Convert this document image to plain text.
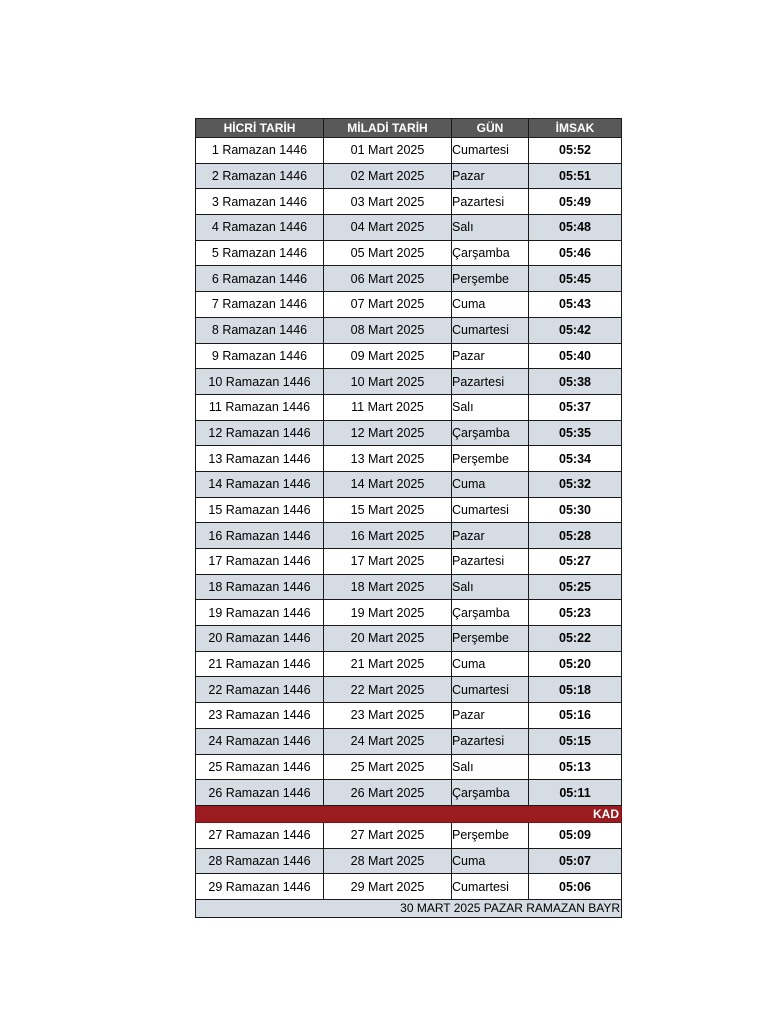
HİCRİ TARİH	MİLADİ TARİH	GÜN	İMSAK
1 Ramazan 1446	01 Mart 2025	Cumartesi	05:52
2 Ramazan 1446	02 Mart 2025	Pazar	05:51
3 Ramazan 1446	03 Mart 2025	Pazartesi	05:49
4 Ramazan 1446	04 Mart 2025	Salı	05:48
5 Ramazan 1446	05 Mart 2025	Çarşamba	05:46
6 Ramazan 1446	06 Mart 2025	Perşembe	05:45
7 Ramazan 1446	07 Mart 2025	Cuma	05:43
8 Ramazan 1446	08 Mart 2025	Cumartesi	05:42
9 Ramazan 1446	09 Mart 2025	Pazar	05:40
10 Ramazan 1446	10 Mart 2025	Pazartesi	05:38
11 Ramazan 1446	11 Mart 2025	Salı	05:37
12 Ramazan 1446	12 Mart 2025	Çarşamba	05:35
13 Ramazan 1446	13 Mart 2025	Perşembe	05:34
14 Ramazan 1446	14 Mart 2025	Cuma	05:32
15 Ramazan 1446	15 Mart 2025	Cumartesi	05:30
16 Ramazan 1446	16 Mart 2025	Pazar	05:28
17 Ramazan 1446	17 Mart 2025	Pazartesi	05:27
18 Ramazan 1446	18 Mart 2025	Salı	05:25
19 Ramazan 1446	19 Mart 2025	Çarşamba	05:23
20 Ramazan 1446	20 Mart 2025	Perşembe	05:22
21 Ramazan 1446	21 Mart 2025	Cuma	05:20
22 Ramazan 1446	22 Mart 2025	Cumartesi	05:18
23 Ramazan 1446	23 Mart 2025	Pazar	05:16
24 Ramazan 1446	24 Mart 2025	Pazartesi	05:15
25 Ramazan 1446	25 Mart 2025	Salı	05:13
26 Ramazan 1446	26 Mart 2025	Çarşamba	05:11
KAD			
27 Ramazan 1446	27 Mart 2025	Perşembe	05:09
28 Ramazan 1446	28 Mart 2025	Cuma	05:07
29 Ramazan 1446	29 Mart 2025	Cumartesi	05:06
30 MART 2025 PAZAR RAMAZAN BAYR			
